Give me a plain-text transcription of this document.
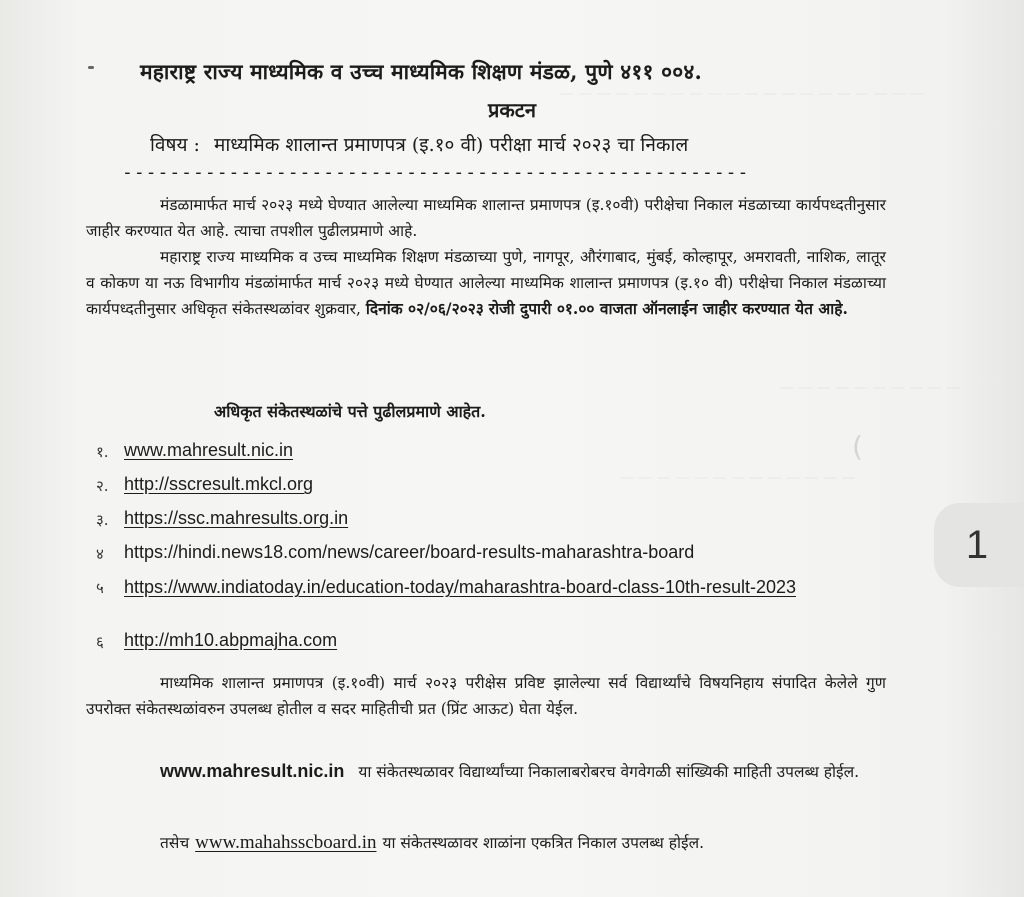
— — — — — — — — — — — — — — — — — — — —
— — — — — — — — — —
— — — — — — — — — — — — —
(
महाराष्ट्र राज्य माध्यमिक व उच्च माध्यमिक शिक्षण मंडळ, पुणे ४११ ००४.
प्रकटन
विषय : माध्यमिक शालान्त प्रमाणपत्र (इ.१० वी) परीक्षा मार्च २०२३ चा निकाल
-----------------------------------------------------
मंडळामार्फत मार्च २०२३ मध्ये घेण्यात आलेल्या माध्यमिक शालान्त प्रमाणपत्र (इ.१०वी) परीक्षेचा निकाल मंडळाच्या कार्यपध्दतीनुसार जाहीर करण्यात येत आहे. त्याचा तपशील पुढीलप्रमाणे आहे.
महाराष्ट्र राज्य माध्यमिक व उच्च माध्यमिक शिक्षण मंडळाच्या पुणे, नागपूर, औरंगाबाद, मुंबई, कोल्हापूर, अमरावती, नाशिक, लातूर व कोकण या नऊ विभागीय मंडळांमार्फत मार्च २०२३ मध्ये घेण्यात आलेल्या माध्यमिक शालान्त प्रमाणपत्र (इ.१० वी) परीक्षेचा निकाल मंडळाच्या कार्यपध्दतीनुसार अधिकृत संकेतस्थळांवर शुक्रवार, दिनांक ०२/०६/२०२३ रोजी दुपारी ०१.०० वाजता ऑनलाईन जाहीर करण्यात येत आहे.
अधिकृत संकेतस्थळांचे पत्ते पुढीलप्रमाणे आहेत.
१. www.mahresult.nic.in
२. http://sscresult.mkcl.org
३. https://ssc.mahresults.org.in
४	https://hindi.news18.com/news/career/board-results-maharashtra-board
५	https://www.indiatoday.in/education-today/maharashtra-board-class-10th-result-2023
६	http://mh10.abpmajha.com
माध्यमिक शालान्त प्रमाणपत्र (इ.१०वी) मार्च २०२३ परीक्षेस प्रविष्ट झालेल्या सर्व विद्यार्थ्यांचे विषयनिहाय संपादित केलेले गुण उपरोक्त संकेतस्थळांवरुन उपलब्ध होतील व सदर माहितीची प्रत (प्रिंट आऊट) घेता येईल.
www.mahresult.nic.in या संकेतस्थळावर विद्यार्थ्यांच्या निकालाबरोबरच वेगवेगळी सांख्यिकी माहिती उपलब्ध होईल.
तसेच www.mahahsscboard.in या संकेतस्थळावर शाळांना एकत्रित निकाल उपलब्ध होईल.
1
